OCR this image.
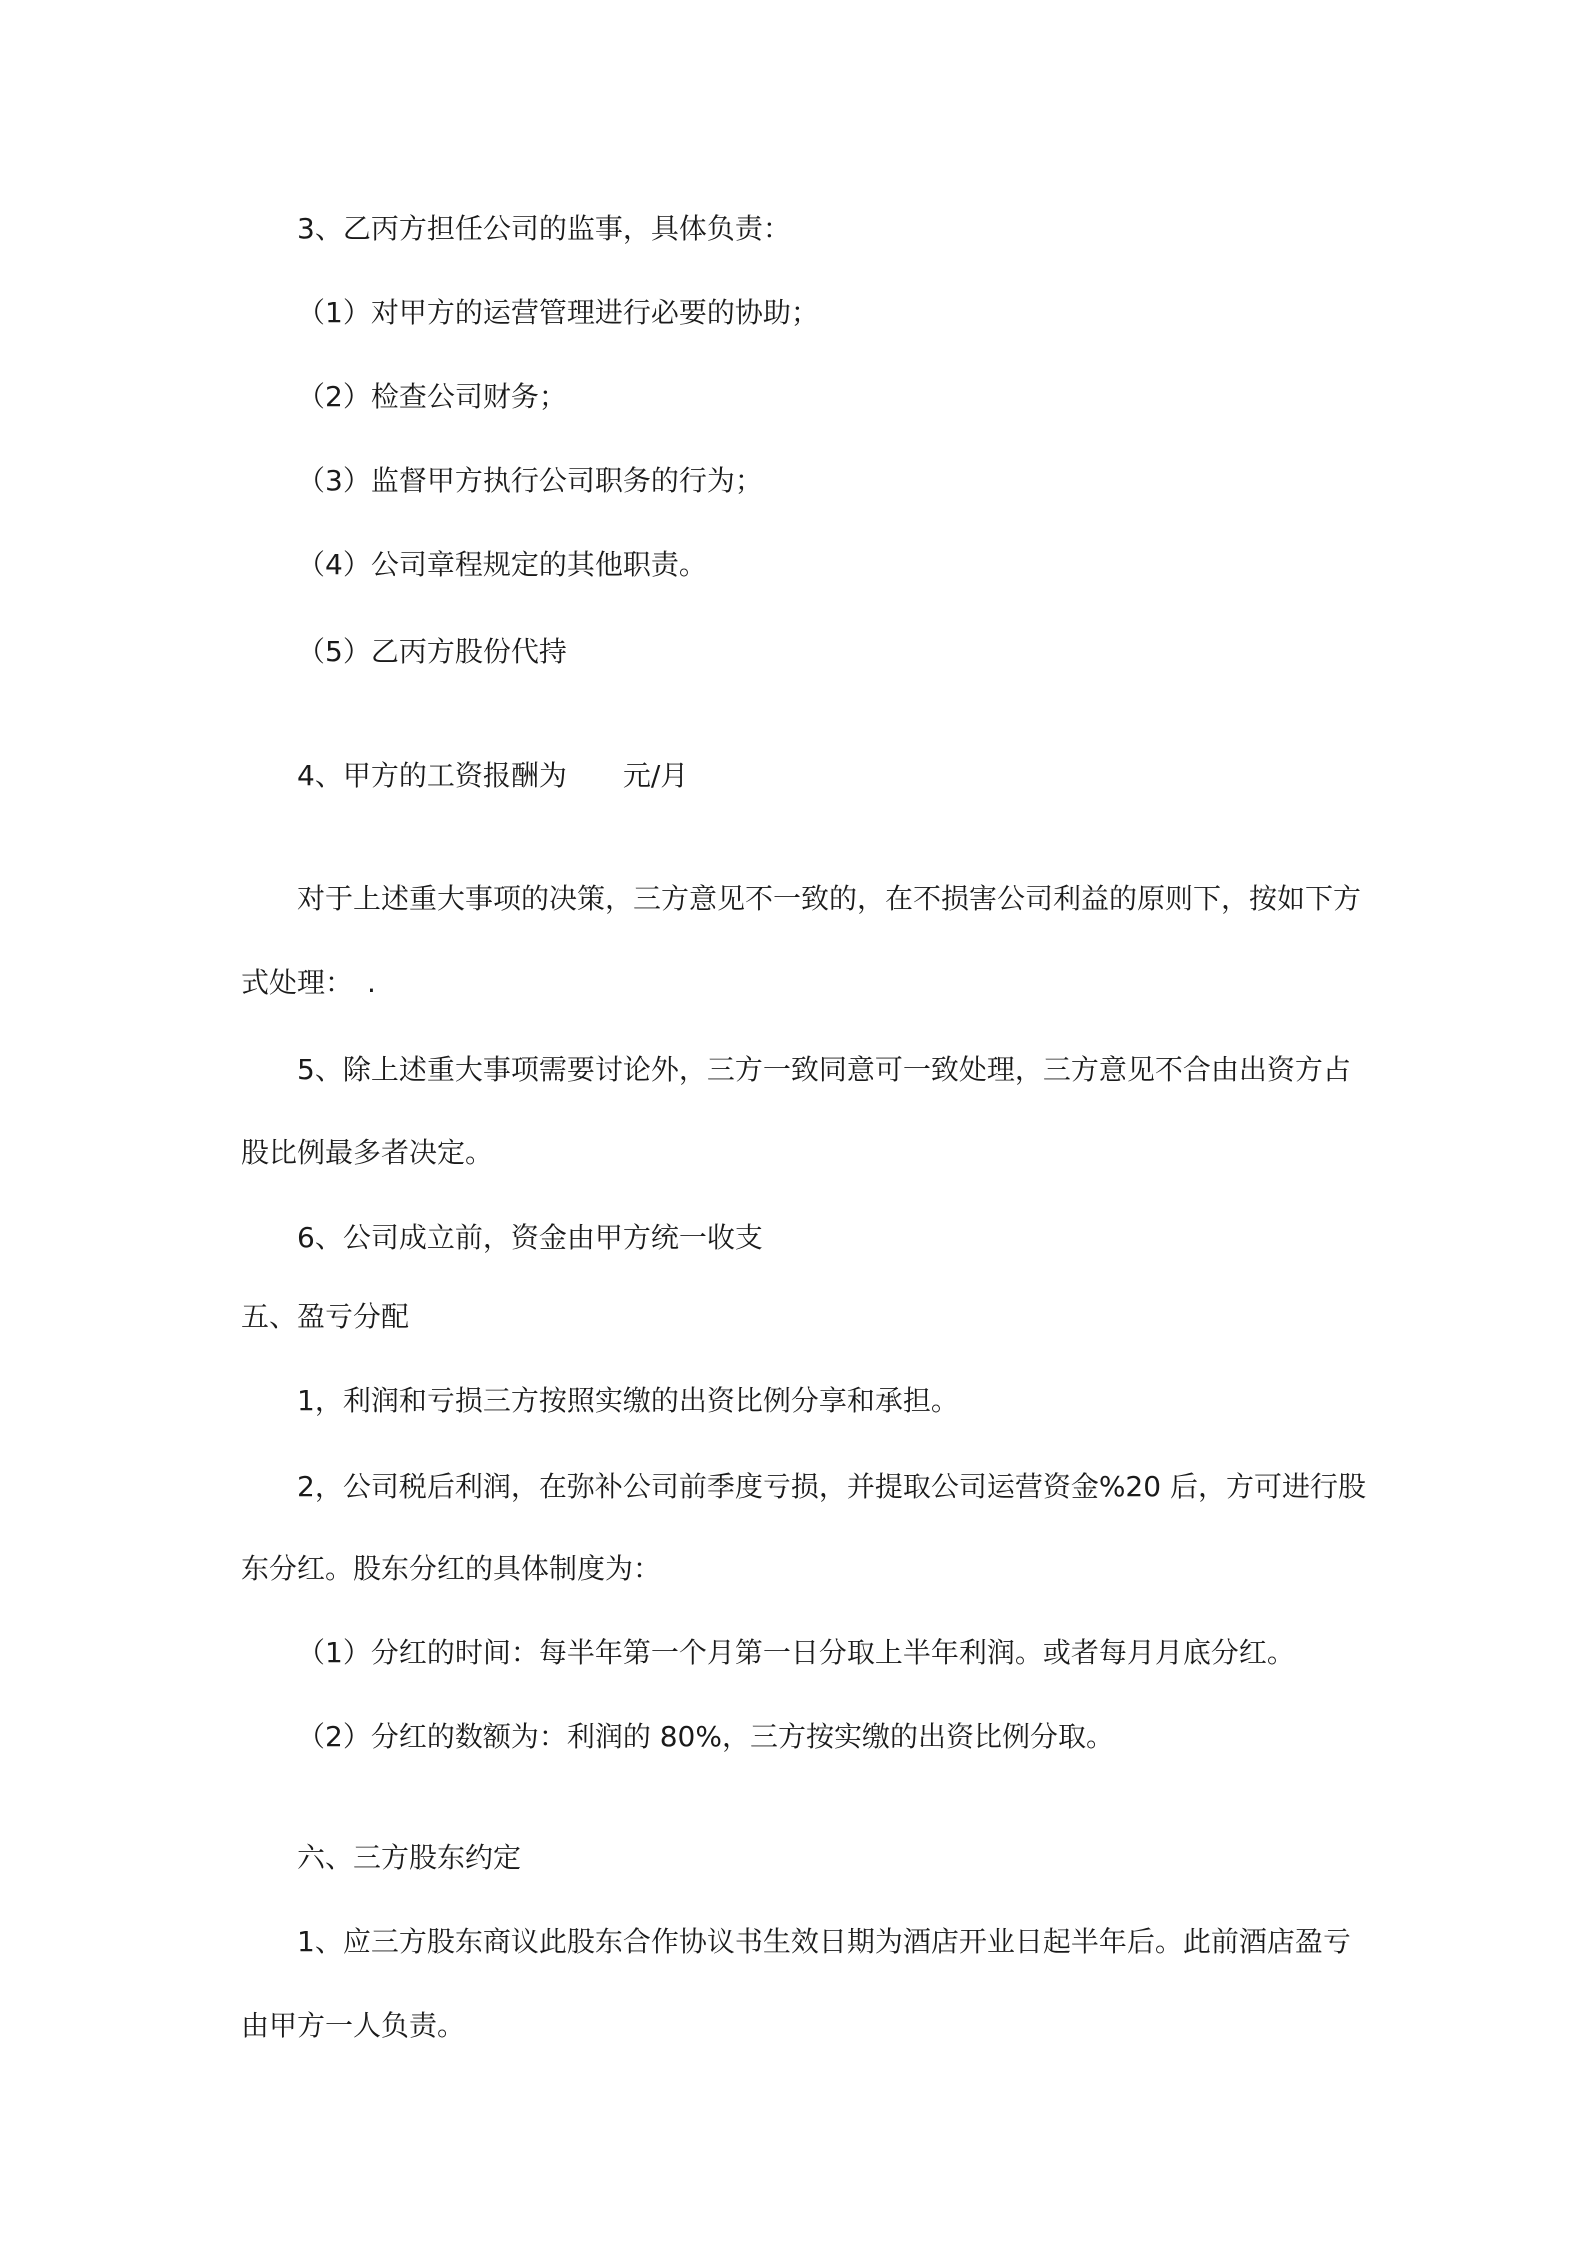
3、乙丙方担任公司的监事，具体负责：

（1）对甲方的运营管理进行必要的协助；

（2）检查公司财务；

（3）监督甲方执行公司职务的行为；

（4）公司章程规定的其他职责。

（5）乙丙方股份代持

4、甲方的工资报酬为　　元/月

对于上述重大事项的决策，三方意见不一致的，在不损害公司利益的原则下，按如下方

式处理：　.

5、除上述重大事项需要讨论外，三方一致同意可一致处理，三方意见不合由出资方占

股比例最多者决定。

6、公司成立前，资金由甲方统一收支

五、盈亏分配

1，利润和亏损三方按照实缴的出资比例分享和承担。

2，公司税后利润，在弥补公司前季度亏损，并提取公司运营资金%20 后，方可进行股

东分红。股东分红的具体制度为：

（1）分红的时间：每半年第一个月第一日分取上半年利润。或者每月月底分红。

（2）分红的数额为：利润的 80%，三方按实缴的出资比例分取。

六、三方股东约定

1、应三方股东商议此股东合作协议书生效日期为酒店开业日起半年后。此前酒店盈亏

由甲方一人负责。
